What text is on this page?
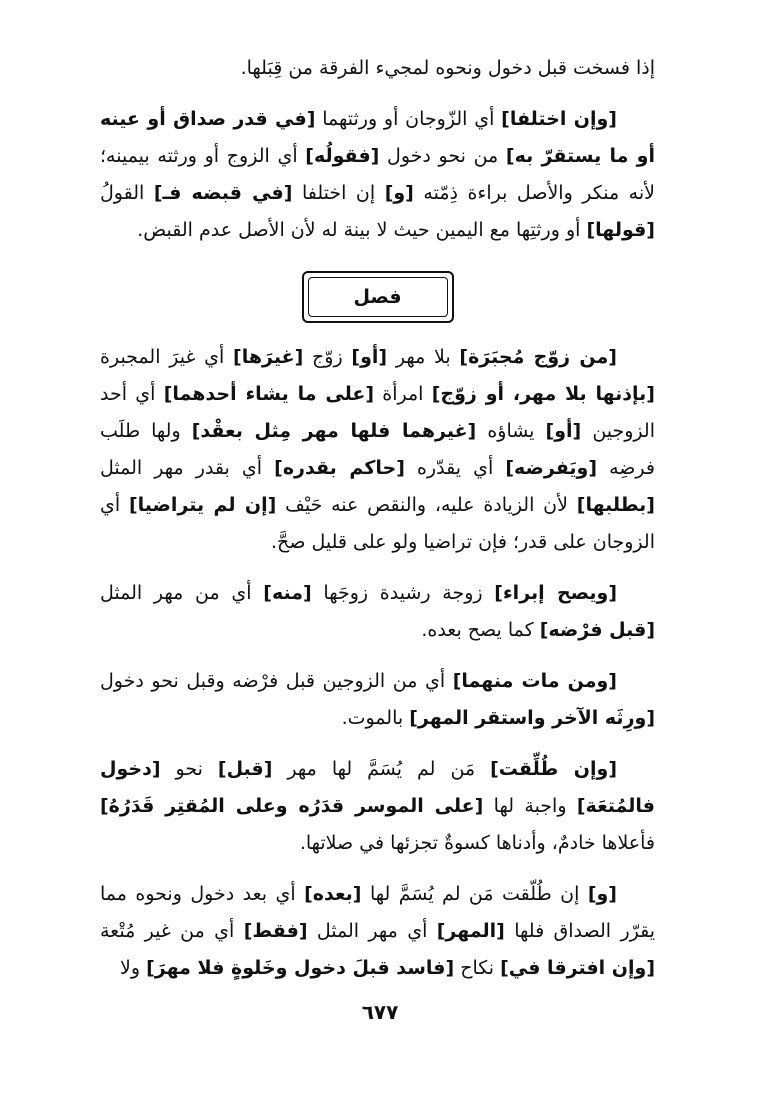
إذا فسخت قبل دخول ونحوه لمجيء الفرقة من قِبَلها.

[وإن اختلفا] أي الزّوجان أو ورثتهما [في قدر صداق أو عينه أو ما يستقرّ به] من نحو دخول [فقولُه] أي الزوج أو ورثته بيمينه؛ لأنه منكر والأصل براءة ذِمّته [و] إن اختلفا [في قبضه فـ] القولُ [قولها] أو ورثتِها مع اليمين حيث لا بينة له لأن الأصل عدم القبض.

فصل

[من زوّج مُجبَرَة] بلا مهر [أو] زوّج [غيرَها] أي غيرَ المجبرة [بإذنها بلا مهر، أو زوّج] امرأة [على ما يشاء أحدهما] أي أحد الزوجين [أو] يشاؤه [غيرهما فلها مهر مِثل بعقْد] ولها طلَب فرضِه [ويَفرضه] أي يقدّره [حاكم بقدره] أي بقدر مهر المثل [بطلبها] لأن الزيادة عليه، والنقص عنه حَيْف [إن لم يتراضيا] أي الزوجان على قدر؛ فإن تراضيا ولو على قليل صحَّ.

[ويصح إبراء] زوجة رشيدة زوجَها [منه] أي من مهر المثل [قبل فرْضه] كما يصح بعده.

[ومن مات منهما] أي من الزوجين قبل فرْضه وقبل نحو دخول [ورِثَه الآخر واستقر المهر] بالموت.

[وإن طُلِّقت] مَن لم يُسَمَّ لها مهر [قبل] نحو [دخول فالمُتعَة] واجبة لها [على الموسر قدَرُه وعلى المُقتِر قَدَرُهُ] فأعلاها خادمٌ، وأدناها كسوةٌ تجزئها في صلاتها.

[و] إن طُلّقت مَن لم يُسَمَّ لها [بعده] أي بعد دخول ونحوه مما يقرّر الصداق فلها [المهر] أي مهر المثل [فقط] أي من غير مُتْعة [وإن افترقا في] نكاح [فاسد قبلَ دخول وخَلوةٍ فلا مهرَ] ولا

٦٧٧
